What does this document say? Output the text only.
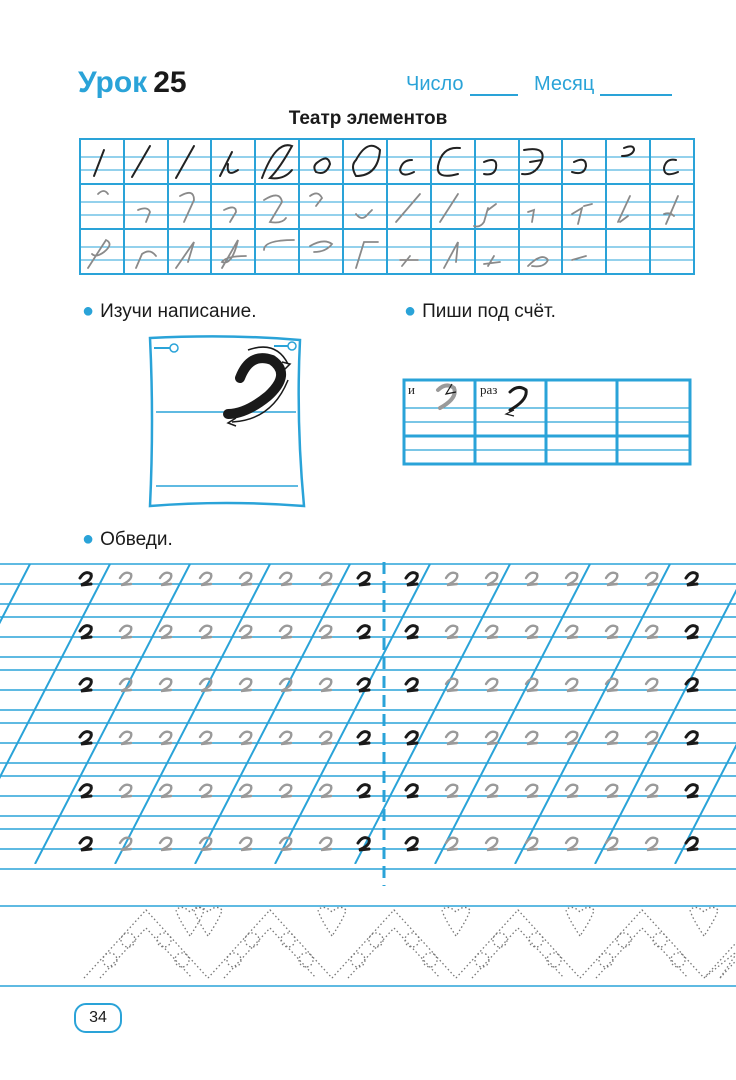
Урок 25	Число	Месяц
Театр элементов
● Изучи написание.	● Пиши под счёт.
и	раз
● Обведи.
34
